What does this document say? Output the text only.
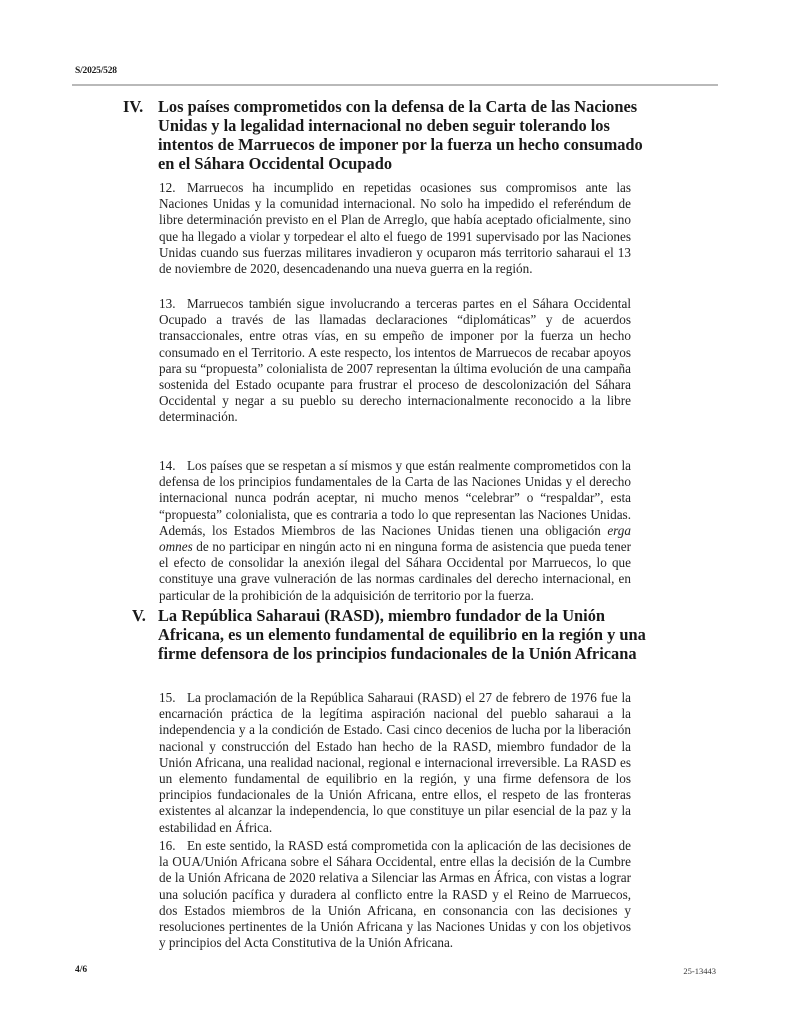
S/2025/528
IV. Los países comprometidos con la defensa de la Carta de las Naciones Unidas y la legalidad internacional no deben seguir tolerando los intentos de Marruecos de imponer por la fuerza un hecho consumado en el Sáhara Occidental Ocupado
12. Marruecos ha incumplido en repetidas ocasiones sus compromisos ante las Naciones Unidas y la comunidad internacional. No solo ha impedido el referéndum de libre determinación previsto en el Plan de Arreglo, que había aceptado oficialmente, sino que ha llegado a violar y torpedear el alto el fuego de 1991 supervisado por las Naciones Unidas cuando sus fuerzas militares invadieron y ocuparon más territorio saharaui el 13 de noviembre de 2020, desencadenando una nueva guerra en la región.
13. Marruecos también sigue involucrando a terceras partes en el Sáhara Occidental Ocupado a través de las llamadas declaraciones “diplomáticas” y de acuerdos transaccionales, entre otras vías, en su empeño de imponer por la fuerza un hecho consumado en el Territorio. A este respecto, los intentos de Marruecos de recabar apoyos para su “propuesta” colonialista de 2007 representan la última evolución de una campaña sostenida del Estado ocupante para frustrar el proceso de descolonización del Sáhara Occidental y negar a su pueblo su derecho internacionalmente reconocido a la libre determinación.
14. Los países que se respetan a sí mismos y que están realmente comprometidos con la defensa de los principios fundamentales de la Carta de las Naciones Unidas y el derecho internacional nunca podrán aceptar, ni mucho menos “celebrar” o “respaldar”, esta “propuesta” colonialista, que es contraria a todo lo que representan las Naciones Unidas. Además, los Estados Miembros de las Naciones Unidas tienen una obligación erga omnes de no participar en ningún acto ni en ninguna forma de asistencia que pueda tener el efecto de consolidar la anexión ilegal del Sáhara Occidental por Marruecos, lo que constituye una grave vulneración de las normas cardinales del derecho internacional, en particular de la prohibición de la adquisición de territorio por la fuerza.
V. La República Saharaui (RASD), miembro fundador de la Unión Africana, es un elemento fundamental de equilibrio en la región y una firme defensora de los principios fundacionales de la Unión Africana
15. La proclamación de la República Saharaui (RASD) el 27 de febrero de 1976 fue la encarnación práctica de la legítima aspiración nacional del pueblo saharaui a la independencia y a la condición de Estado. Casi cinco decenios de lucha por la liberación nacional y construcción del Estado han hecho de la RASD, miembro fundador de la Unión Africana, una realidad nacional, regional e internacional irreversible. La RASD es un elemento fundamental de equilibrio en la región, y una firme defensora de los principios fundacionales de la Unión Africana, entre ellos, el respeto de las fronteras existentes al alcanzar la independencia, lo que constituye un pilar esencial de la paz y la estabilidad en África.
16. En este sentido, la RASD está comprometida con la aplicación de las decisiones de la OUA/Unión Africana sobre el Sáhara Occidental, entre ellas la decisión de la Cumbre de la Unión Africana de 2020 relativa a Silenciar las Armas en África, con vistas a lograr una solución pacífica y duradera al conflicto entre la RASD y el Reino de Marruecos, dos Estados miembros de la Unión Africana, en consonancia con las decisiones y resoluciones pertinentes de la Unión Africana y las Naciones Unidas y con los objetivos y principios del Acta Constitutiva de la Unión Africana.
4/6	25-13443
